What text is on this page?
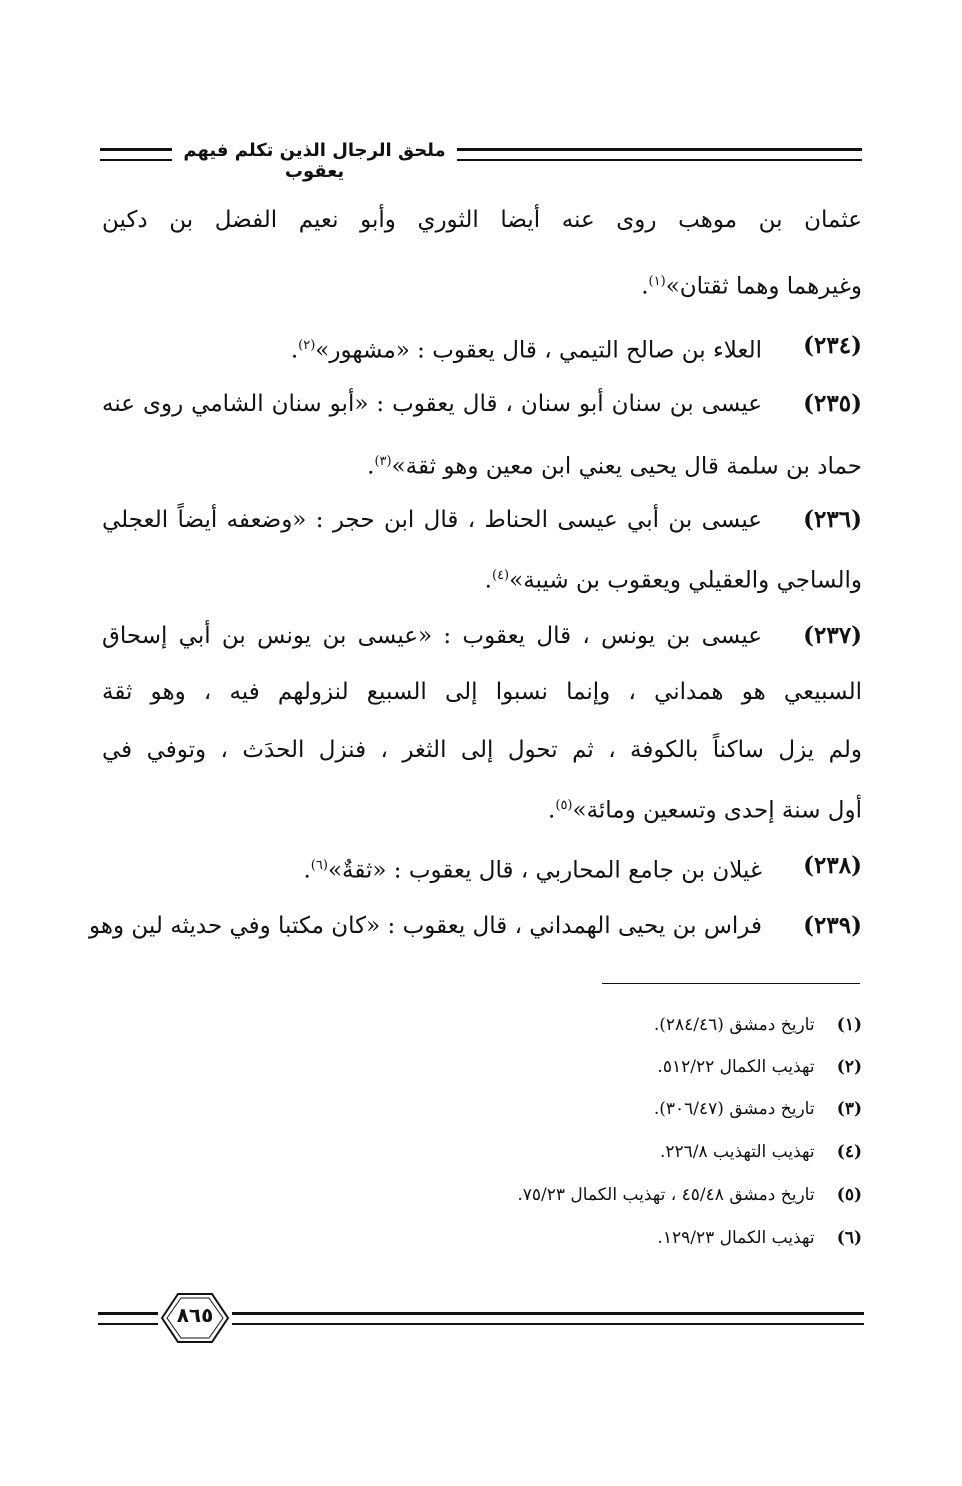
ملحق الرجال الذين تكلم فيهم يعقوب
عثمان بن موهب روى عنه أيضا الثوري وأبو نعيم الفضل بن دكين
وغيرهما وهما ثقتان»$^{(١)}$.
(٢٣٤)
العلاء بن صالح التيمي ، قال يعقوب : «مشهور»$^{(٢)}$.
(٢٣٥)
عيسى بن سنان أبو سنان ، قال يعقوب : «أبو سنان الشامي روى عنه
حماد بن سلمة قال يحيى يعني ابن معين وهو ثقة»$^{(٣)}$.
(٢٣٦)
عيسى بن أبي عيسى الحناط ، قال ابن حجر : «وضعفه أيضاً العجلي
والساجي والعقيلي ويعقوب بن شيبة»$^{(٤)}$.
(٢٣٧)
عيسى بن يونس ، قال يعقوب : «عيسى بن يونس بن أبي إسحاق
السبيعي هو همداني ، وإنما نسبوا إلى السبيع لنزولهم فيه ، وهو ثقة
ولم يزل ساكناً بالكوفة ، ثم تحول إلى الثغر ، فنزل الحدَث ، وتوفي في
أول سنة إحدى وتسعين ومائة»$^{(٥)}$.
(٢٣٨)
غيلان بن جامع المحاربي ، قال يعقوب : «ثقةٌ»$^{(٦)}$.
(٢٣٩)
فراس بن يحيى الهمداني ، قال يعقوب : «كان مكتبا وفي حديثه لين وهو
(١) تاريخ دمشق (٢٨٤/٤٦).
(٢) تهذيب الكمال ٥١٢/٢٢.
(٣) تاريخ دمشق (٣٠٦/٤٧).
(٤) تهذيب التهذيب ٢٢٦/٨.
(٥) تاريخ دمشق ٤٥/٤٨ ، تهذيب الكمال ٧٥/٢٣.
(٦) تهذيب الكمال ١٢٩/٢٣.
٨٦٥
